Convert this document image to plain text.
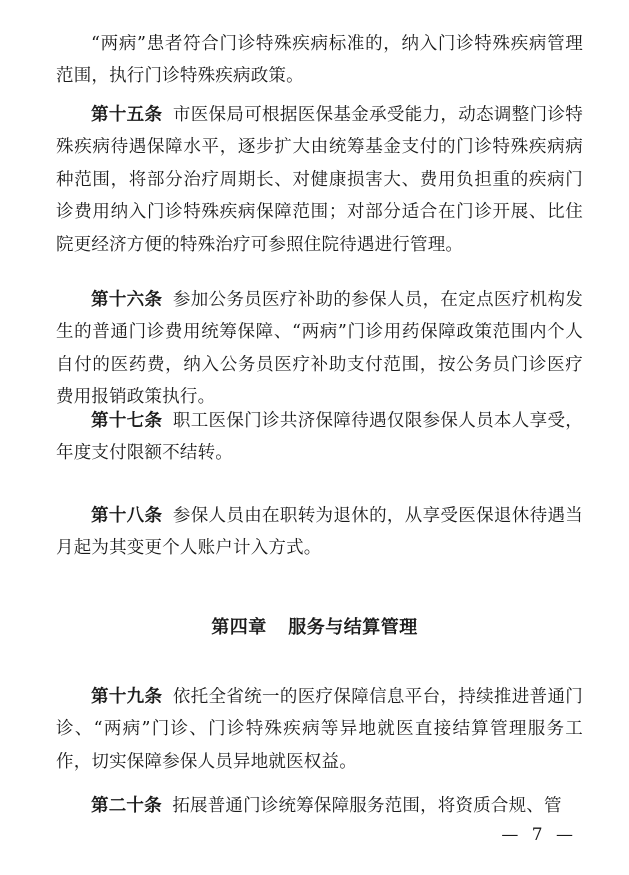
“两病”患者符合门诊特殊疾病标准的，纳入门诊特殊疾病管理范围，执行门诊特殊疾病政策。

第十五条 市医保局可根据医保基金承受能力，动态调整门诊特殊疾病待遇保障水平，逐步扩大由统筹基金支付的门诊特殊疾病病种范围，将部分治疗周期长、对健康损害大、费用负担重的疾病门诊费用纳入门诊特殊疾病保障范围；对部分适合在门诊开展、比住院更经济方便的特殊治疗可参照住院待遇进行管理。

第十六条 参加公务员医疗补助的参保人员，在定点医疗机构发生的普通门诊费用统筹保障、“两病”门诊用药保障政策范围内个人自付的医药费，纳入公务员医疗补助支付范围，按公务员门诊医疗费用报销政策执行。

第十七条 职工医保门诊共济保障待遇仅限参保人员本人享受，年度支付限额不结转。

第十八条 参保人员由在职转为退休的，从享受医保退休待遇当月起为其变更个人账户计入方式。

第四章 服务与结算管理

第十九条 依托全省统一的医疗保障信息平台，持续推进普通门诊、“两病”门诊、门诊特殊疾病等异地就医直接结算管理服务工作，切实保障参保人员异地就医权益。

第二十条 拓展普通门诊统筹保障服务范围，将资质合规、管

— 7 —
